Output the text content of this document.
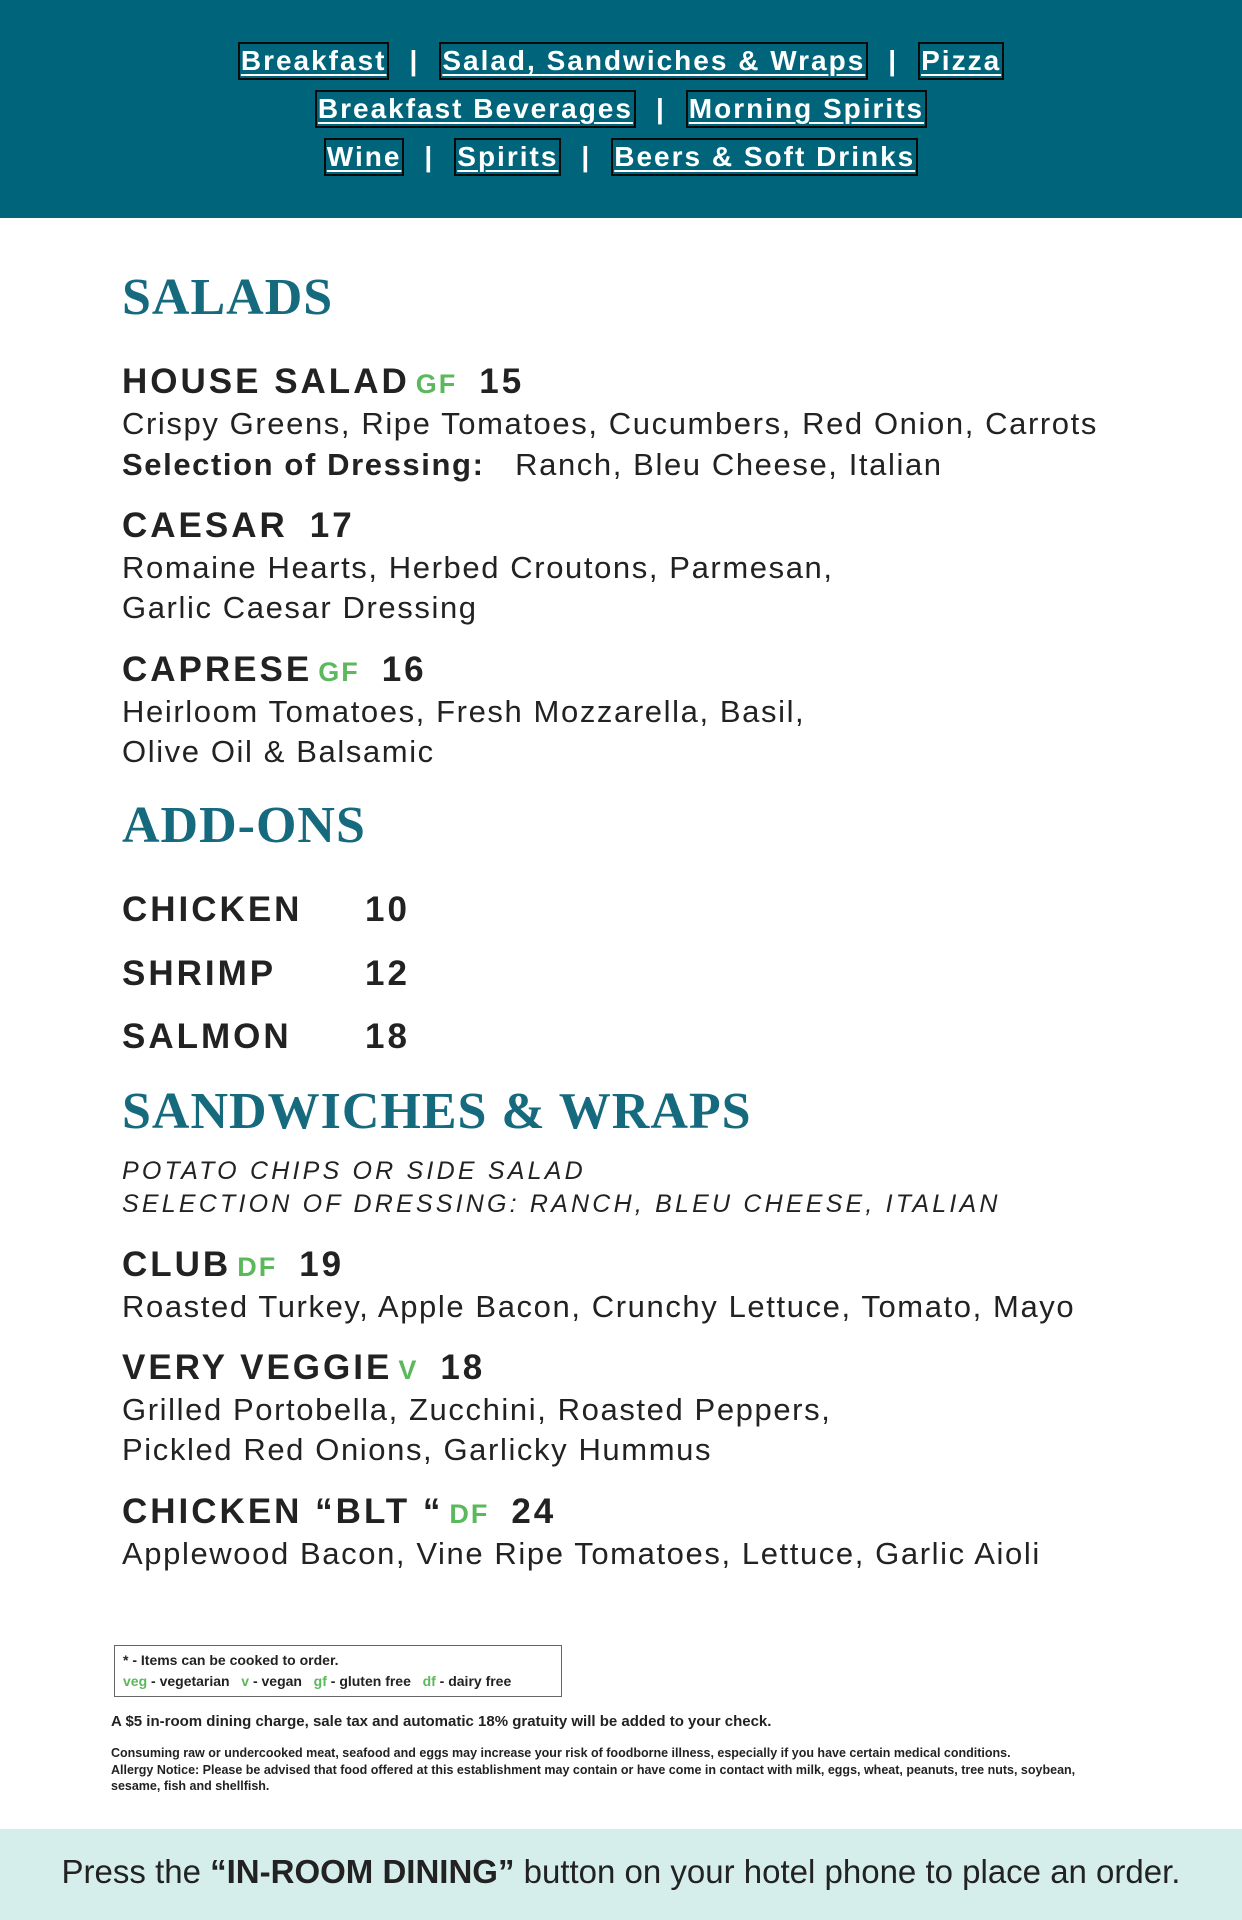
Breakfast | Salad, Sandwiches & Wraps | Pizza
Breakfast Beverages | Morning Spirits
Wine | Spirits | Beers & Soft Drinks
SALADS
HOUSE SALAD GF 15
Crispy Greens, Ripe Tomatoes, Cucumbers, Red Onion, Carrots
Selection of Dressing: Ranch, Bleu Cheese, Italian
CAESAR 17
Romaine Hearts, Herbed Croutons, Parmesan,
Garlic Caesar Dressing
CAPRESE GF 16
Heirloom Tomatoes, Fresh Mozzarella, Basil,
Olive Oil & Balsamic
ADD-ONS
CHICKEN 10
SHRIMP	12
SALMON 18
SANDWICHES & WRAPS
POTATO CHIPS OR SIDE SALAD
SELECTION OF DRESSING: RANCH, BLEU CHEESE, ITALIAN
CLUB DF 19
Roasted Turkey, Apple Bacon, Crunchy Lettuce, Tomato, Mayo
VERY VEGGIE V 18
Grilled Portobella, Zucchini, Roasted Peppers,
Pickled Red Onions, Garlicky Hummus
CHICKEN “BLT “ DF 24
Applewood Bacon, Vine Ripe Tomatoes, Lettuce, Garlic Aioli
* - Items can be cooked to order.
veg - vegetarian v - vegan gf - gluten free df - dairy free
A $5 in-room dining charge, sale tax and automatic 18% gratuity will be added to your check.
Consuming raw or undercooked meat, seafood and eggs may increase your risk of foodborne illness, especially if you have certain medical conditions.
Allergy Notice: Please be advised that food offered at this establishment may contain or have come in contact with milk, eggs, wheat, peanuts, tree nuts, soybean, sesame, fish and shellfish.
Press the “IN-ROOM DINING” button on your hotel phone to place an order.
